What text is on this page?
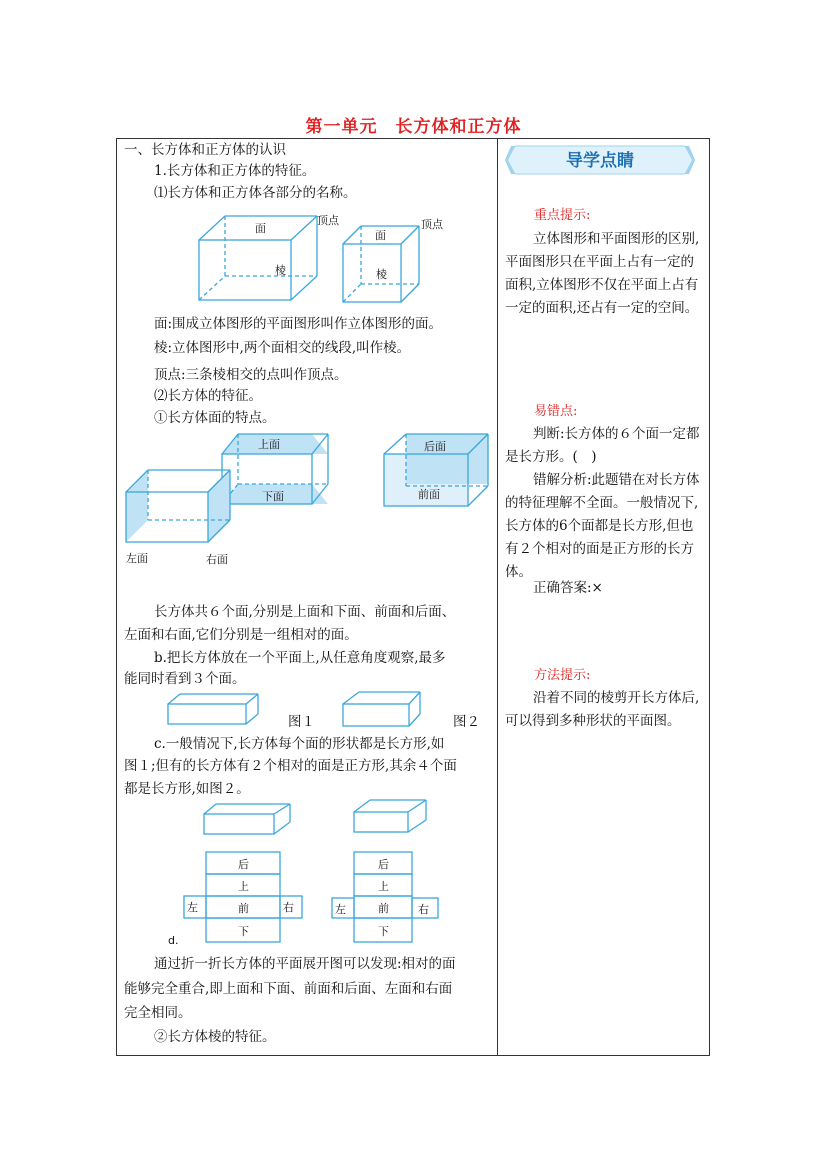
第一单元　长方体和正方体
一、长方体和正方体的认识
1.长方体和正方体的特征。
⑴长方体和正方体各部分的名称。
面
顶点
棱
面
顶点
棱
面:围成立体图形的平面图形叫作立体图形的面。
棱:立体图形中,两个面相交的线段,叫作棱。
顶点:三条棱相交的点叫作顶点。
⑵长方体的特征。
①长方体面的特点。
上面
下面
后面
前面
左面	右面
长方体共６个面,分别是上面和下面、前面和后面、
左面和右面,它们分别是一组相对的面。
b.把长方体放在一个平面上,从任意角度观察,最多
能同时看到３个面。
图１	图２
c.一般情况下,长方体每个面的形状都是长方形,如
图１;但有的长方体有２个相对的面是正方形,其余４个面
都是长方形,如图２。
后
上
前
下
左	右
后
上
前
下
左	右
d.
通过折一折长方体的平面展开图可以发现:相对的面
能够完全重合,即上面和下面、前面和后面、左面和右面
完全相同。
②长方体棱的特征。
导学点睛
重点提示:
立体图形和平面图形的区别,平面图形只在平面上占有一定的面积,立体图形不仅在平面上占有一定的面积,还占有一定的空间。
易错点:
判断:长方体的６个面一定都是长方形。(　)
错解分析:此题错在对长方体的特征理解不全面。一般情况下,长方体的6个面都是长方形,但也有２个相对的面是正方形的长方体。
正确答案:×
方法提示:
沿着不同的棱剪开长方体后,可以得到多种形状的平面图。
